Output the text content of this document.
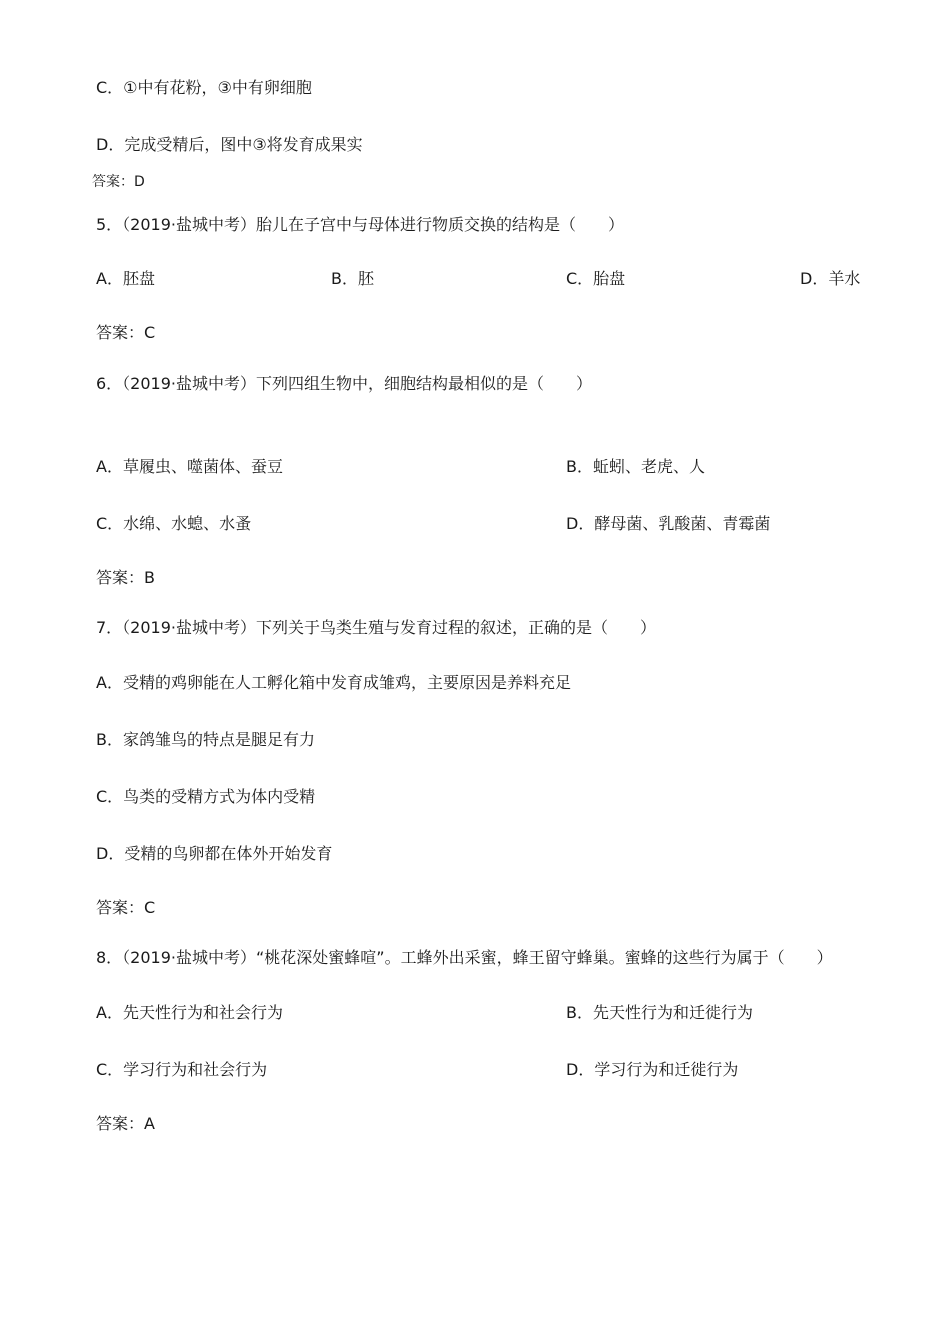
C．①中有花粉，③中有卵细胞
D．完成受精后，图中③将发育成果实
答案：D
5．（2019·盐城中考）胎儿在子宫中与母体进行物质交换的结构是（　　）
A．胚盘	B．胚	C．胎盘	D．羊水
答案：C
6．（2019·盐城中考）下列四组生物中，细胞结构最相似的是（　　）
A．草履虫、噬菌体、蚕豆	B．蚯蚓、老虎、人
C．水绵、水螅、水蚤	D．酵母菌、乳酸菌、青霉菌
答案：B
7．（2019·盐城中考）下列关于鸟类生殖与发育过程的叙述，正确的是（　　）
A．受精的鸡卵能在人工孵化箱中发育成雏鸡，主要原因是养料充足
B．家鸽雏鸟的特点是腿足有力
C．鸟类的受精方式为体内受精
D．受精的鸟卵都在体外开始发育
答案：C
8．（2019·盐城中考）“桃花深处蜜蜂喧”。工蜂外出采蜜，蜂王留守蜂巢。蜜蜂的这些行为属于（　　）
A．先天性行为和社会行为	B．先天性行为和迁徙行为
C．学习行为和社会行为	D．学习行为和迁徙行为
答案：A
